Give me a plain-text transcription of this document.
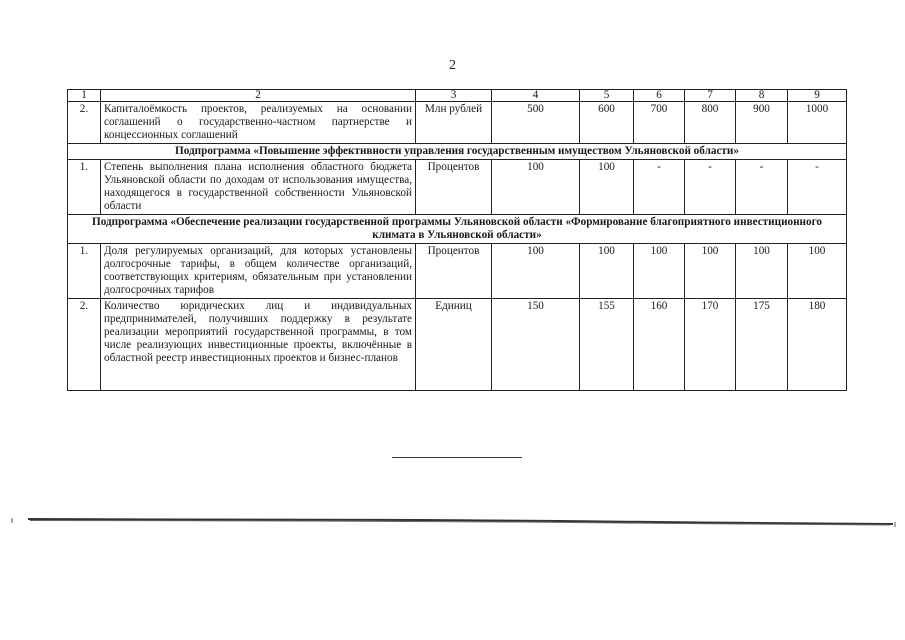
2
1	2	3	4	5	6	7	8	9
2.	Капиталоёмкость проектов, реализуемых на основании соглашений о государственно-частном партнерстве и концессионных соглашений	Млн рублей	500	600	700	800	900	1000
Подпрограмма «Повышение эффективности управления государственным имуществом Ульяновской области»								
1.	Степень выполнения плана исполнения областного бюджета Ульяновской области по доходам от использования имущества, находящегося в государственной собственности Ульяновской области	Процентов	100	100	-	-	-	-
Подпрограмма «Обеспечение реализации государственной программы Ульяновской области «Формирование благоприятного инвестиционного климата в Ульяновской области»								
1.	Доля регулируемых организаций, для которых установлены долгосрочные тарифы, в общем количестве организаций, соответствующих критериям, обязательным при установлении долгосрочных тарифов	Процентов	100	100	100	100	100	100
2.	Количество юридических лиц и индивидуальных предпринимателей, получивших поддержку в результате реализации мероприятий государственной программы, в том числе реализующих инвестиционные проекты, включённые в областной реестр инвестиционных проектов и бизнес-планов	Единиц	150	155	160	170	175	180
